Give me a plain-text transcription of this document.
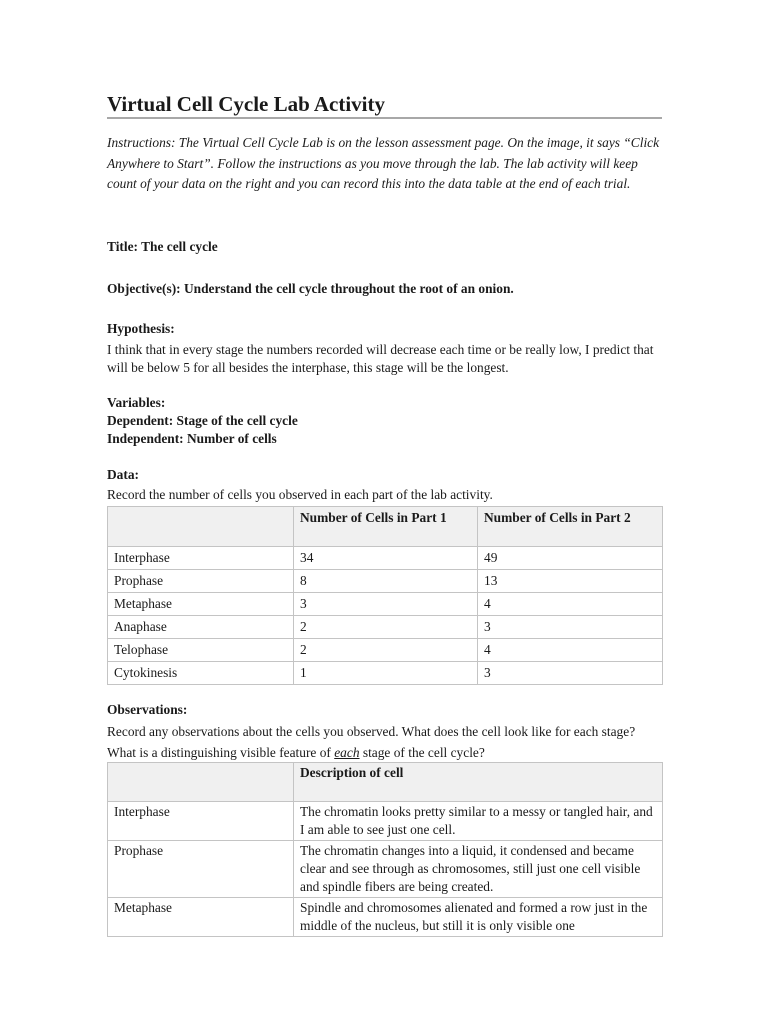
Virtual Cell Cycle Lab Activity
Instructions: The Virtual Cell Cycle Lab is on the lesson assessment page. On the image, it says “Click Anywhere to Start”. Follow the instructions as you move through the lab. The lab activity will keep count of your data on the right and you can record this into the data table at the end of each trial.
Title: The cell cycle
Objective(s): Understand the cell cycle throughout the root of an onion.
Hypothesis:
I think that in every stage the numbers recorded will decrease each time or be really low, I predict that will be below 5 for all besides the interphase, this stage will be the longest.
Variables:
Dependent: Stage of the cell cycle
Independent: Number of cells
Data:
Record the number of cells you observed in each part of the lab activity.
	Number of Cells in Part 1	Number of Cells in Part 2
Interphase	34	49
Prophase	8	13
Metaphase	3	4
Anaphase	2	3
Telophase	2	4
Cytokinesis	1	3
Observations:
Record any observations about the cells you observed. What does the cell look like for each stage? What is a distinguishing visible feature of each stage of the cell cycle?
	Description of cell
Interphase	The chromatin looks pretty similar to a messy or tangled hair, and I am able to see just one cell.
Prophase	The chromatin changes into a liquid, it condensed and became clear and see through as chromosomes, still just one cell visible and spindle fibers are being created.
Metaphase	Spindle and chromosomes alienated and formed a row just in the middle of the nucleus, but still it is only visible one
